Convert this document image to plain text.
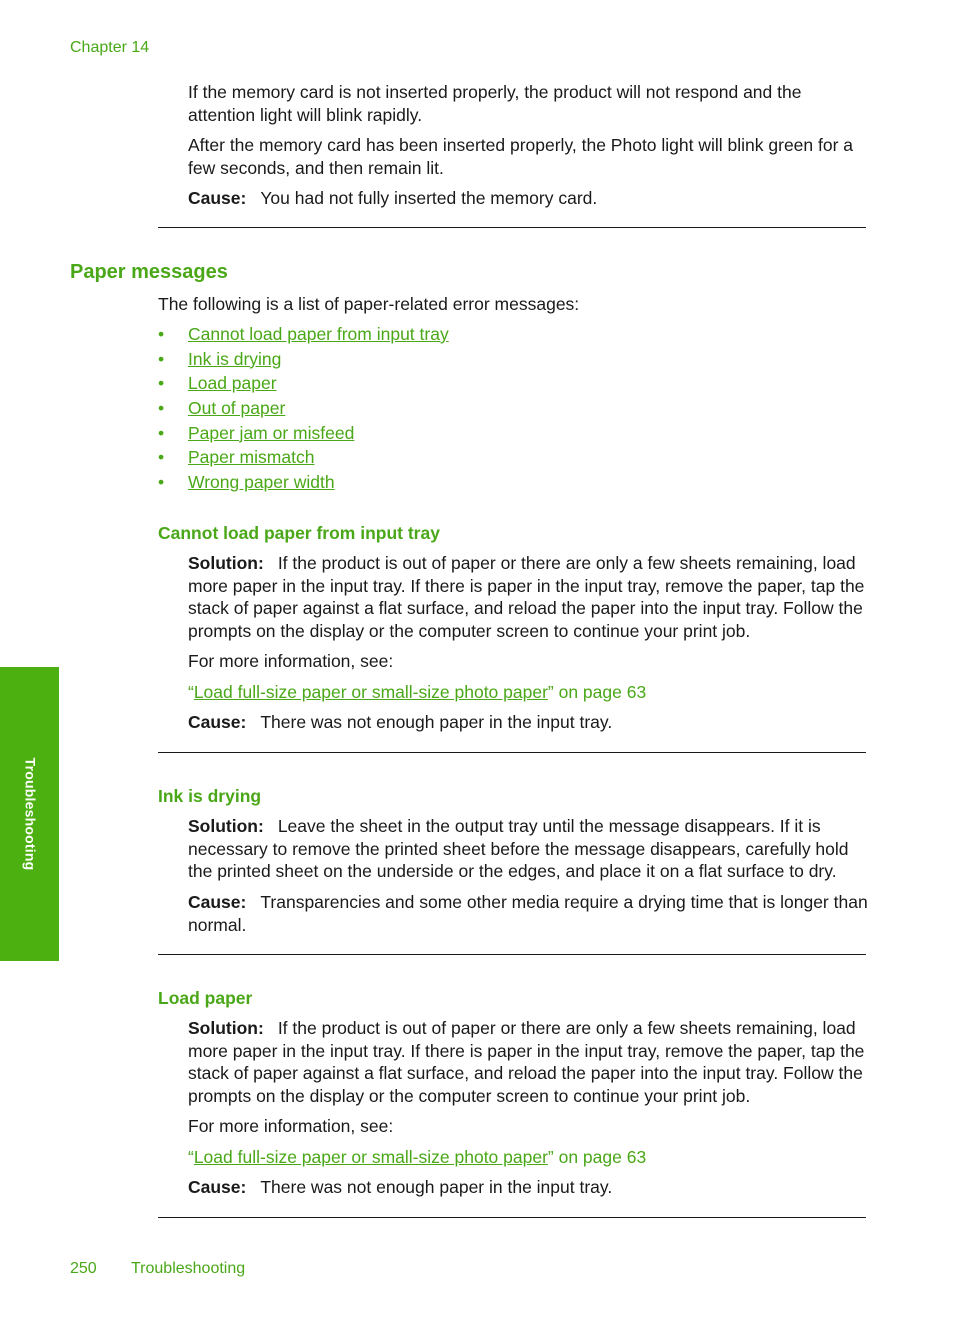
Chapter 14
Troubleshooting

If the memory card is not inserted properly, the product will not respond and the attention light will blink rapidly.

After the memory card has been inserted properly, the Photo light will blink green for a few seconds, and then remain lit.

Cause: You had not fully inserted the memory card.

Paper messages
The following is a list of paper-related error messages:
• Cannot load paper from input tray
• Ink is drying
• Load paper
• Out of paper
• Paper jam or misfeed
• Paper mismatch
• Wrong paper width
Cannot load paper from input tray

Solution: If the product is out of paper or there are only a few sheets remaining, load more paper in the input tray. If there is paper in the input tray, remove the paper, tap the stack of paper against a flat surface, and reload the paper into the input tray. Follow the prompts on the display or the computer screen to continue your print job.

For more information, see:

“Load full-size paper or small-size photo paper” on page 63

Cause: There was not enough paper in the input tray.

Ink is drying

Solution: Leave the sheet in the output tray until the message disappears. If it is necessary to remove the printed sheet before the message disappears, carefully hold the printed sheet on the underside or the edges, and place it on a flat surface to dry.

Cause: Transparencies and some other media require a drying time that is longer than normal.

Load paper

Solution: If the product is out of paper or there are only a few sheets remaining, load more paper in the input tray. If there is paper in the input tray, remove the paper, tap the stack of paper against a flat surface, and reload the paper into the input tray. Follow the prompts on the display or the computer screen to continue your print job.

For more information, see:

“Load full-size paper or small-size photo paper” on page 63

Cause: There was not enough paper in the input tray.

250 Troubleshooting
